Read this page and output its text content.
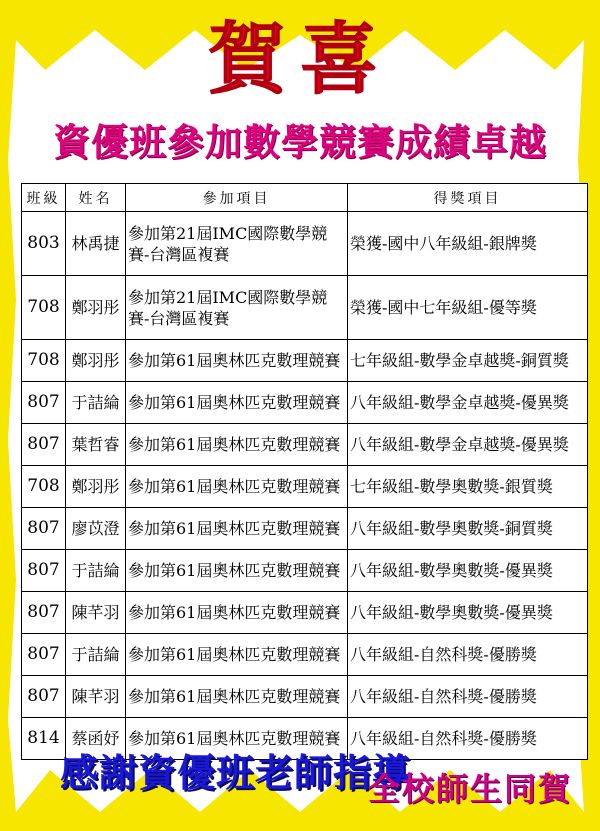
賀喜
資優班參加數學競賽成績卓越
班級	姓名	參加項目	得獎項目
803	林禹捷	參加第21屆IMC國際數學競賽-台灣區複賽	榮獲-國中八年級組-銀牌獎
708	鄭羽彤	參加第21屆IMC國際數學競賽-台灣區複賽	榮獲-國中七年級組-優等獎
708	鄭羽彤	參加第61屆奧林匹克數理競賽	七年級組-數學金卓越獎-銅質獎
807	于詰綸	參加第61屆奧林匹克數理競賽	八年級組-數學金卓越獎-優異獎
807	葉哲睿	參加第61屆奧林匹克數理競賽	八年級組-數學金卓越獎-優異獎
708	鄭羽彤	參加第61屆奧林匹克數理競賽	七年級組-數學奧數獎-銀質獎
807	廖苡澄	參加第61屆奧林匹克數理競賽	八年級組-數學奧數獎-銅質獎
807	于詰綸	參加第61屆奧林匹克數理競賽	八年級組-數學奧數獎-優異獎
807	陳芊羽	參加第61屆奧林匹克數理競賽	八年級組-數學奧數獎-優異獎
807	于詰綸	參加第61屆奧林匹克數理競賽	八年級組-自然科獎-優勝獎
807	陳芊羽	參加第61屆奧林匹克數理競賽	八年級組-自然科獎-優勝獎
814	蔡函妤	參加第61屆奧林匹克數理競賽	八年級組-自然科獎-優勝獎

感謝資優班老師指導

全校師生同賀
